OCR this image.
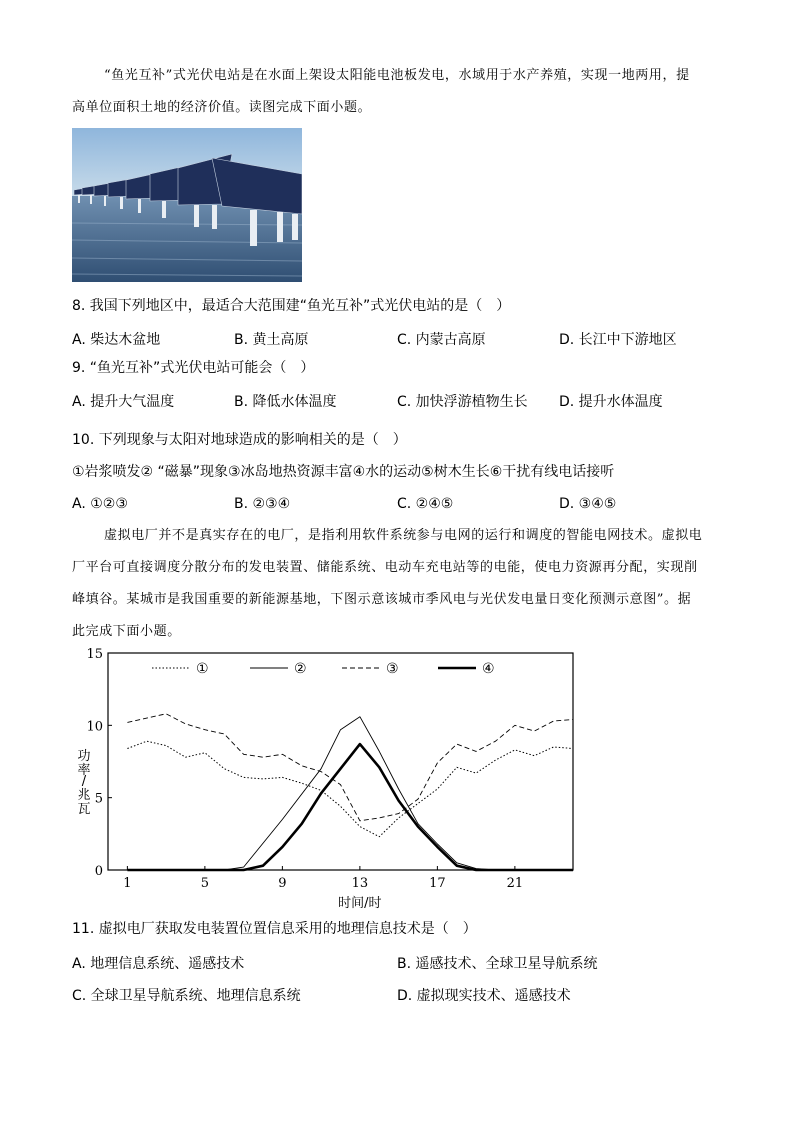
“鱼光互补”式光伏电站是在水面上架设太阳能电池板发电，水域用于水产养殖，实现一地两用，提
高单位面积土地的经济价值。读图完成下面小题。
8. 我国下列地区中，最适合大范围建“鱼光互补”式光伏电站的是（　）
A. 柴达木盆地	B. 黄土高原	C. 内蒙古高原	D. 长江中下游地区
9. “鱼光互补”式光伏电站可能会（　）
A. 提升大气温度	B. 降低水体温度	C. 加快浮游植物生长 D. 提升水体温度
10. 下列现象与太阳对地球造成的影响相关的是（　）
①岩浆喷发② “磁暴”现象③冰岛地热资源丰富④水的运动⑤树木生长⑥干扰有线电话接听
A. ①②③	B. ②③④	C. ②④⑤	D. ③④⑤
虚拟电厂并不是真实存在的电厂，是指利用软件系统参与电网的运行和调度的智能电网技术。虚拟电
厂平台可直接调度分散分布的发电装置、储能系统、电动车充电站等的电能，使电力资源再分配，实现削
峰填谷。某城市是我国重要的新能源基地，下图示意该城市季风电与光伏发电量日变化预测示意图”。据
此完成下面小题。
1	5	9	13	17	21
0
5
10
15
时间/时
功率/兆瓦
①	②	③	④
11. 虚拟电厂获取发电装置位置信息采用的地理信息技术是（　）
A. 地理信息系统、遥感技术	B. 遥感技术、全球卫星导航系统
C. 全球卫星导航系统、地理信息系统	D. 虚拟现实技术、遥感技术
